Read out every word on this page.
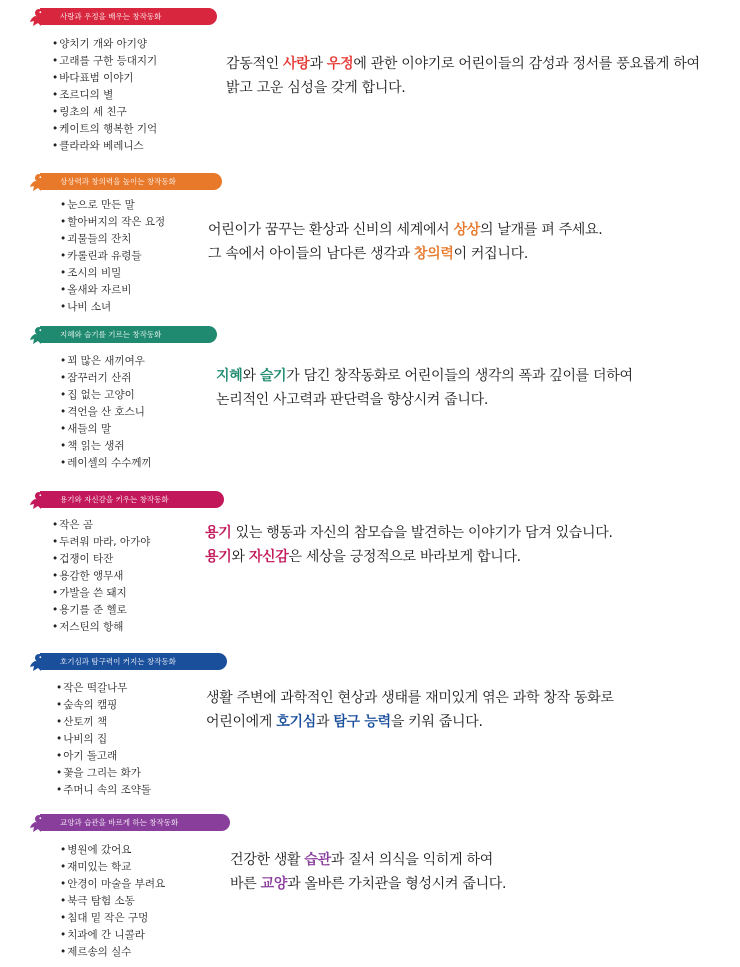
사랑과 우정을 배우는 창작동화
• 양치기 개와 아기양
• 고래를 구한 등대지기
• 바다표범 이야기
• 조르디의 별
• 링초의 세 친구
• 케이트의 행복한 기억
• 클라라와 베레니스

감동적인 사랑과 우정에 관한 이야기로 어린이들의 감성과 정서를 풍요롭게 하여

밝고 고운 심성을 갖게 합니다.

상상력과 창의력을 높이는 창작동화
• 눈으로 만든 말
• 할아버지의 작은 요정
• 괴물들의 잔치
• 카롤린과 유령들
• 조시의 비밀
• 올새와 자르비
• 나비 소녀

어린이가 꿈꾸는 환상과 신비의 세계에서 상상의 날개를 펴 주세요.

그 속에서 아이들의 남다른 생각과 창의력이 커집니다.

지혜와 슬기를 기르는 창작동화
• 꾀 많은 새끼여우
• 잠꾸러기 산쥐
• 집 없는 고양이
• 격언을 산 호스니
• 새들의 말
• 책 읽는 생쥐
• 레이셀의 수수께끼

지혜와 슬기가 담긴 창작동화로 어린이들의 생각의 폭과 깊이를 더하여

논리적인 사고력과 판단력을 향상시켜 줍니다.

용기와 자신감을 키우는 창작동화
• 작은 곰
• 두려워 마라, 아가야
• 겁쟁이 타잔
• 용감한 앵무새
• 가발을 쓴 돼지
• 용기를 준 헬로
• 저스틴의 항해

용기 있는 행동과 자신의 참모습을 발견하는 이야기가 담겨 있습니다.

용기와 자신감은 세상을 긍정적으로 바라보게 합니다.

호기심과 탐구력이 커지는 창작동화
• 작은 떡갈나무
• 숲속의 캠핑
• 산토끼 책
• 나비의 집
• 아기 돌고래
• 꽃을 그리는 화가
• 주머니 속의 조약돌

생활 주변에 과학적인 현상과 생태를 재미있게 엮은 과학 창작 동화로

어린이에게 호기심과 탐구 능력을 키워 줍니다.

교양과 습관을 바르게 하는 창작동화
• 병원에 갔어요
• 재미있는 학교
• 안경이 마술을 부려요
• 북극 탐험 소동
• 침대 밑 작은 구멍
• 치과에 간 니콜라
• 제르송의 실수

건강한 생활 습관과 질서 의식을 익히게 하여

바른 교양과 올바른 가치관을 형성시켜 줍니다.
